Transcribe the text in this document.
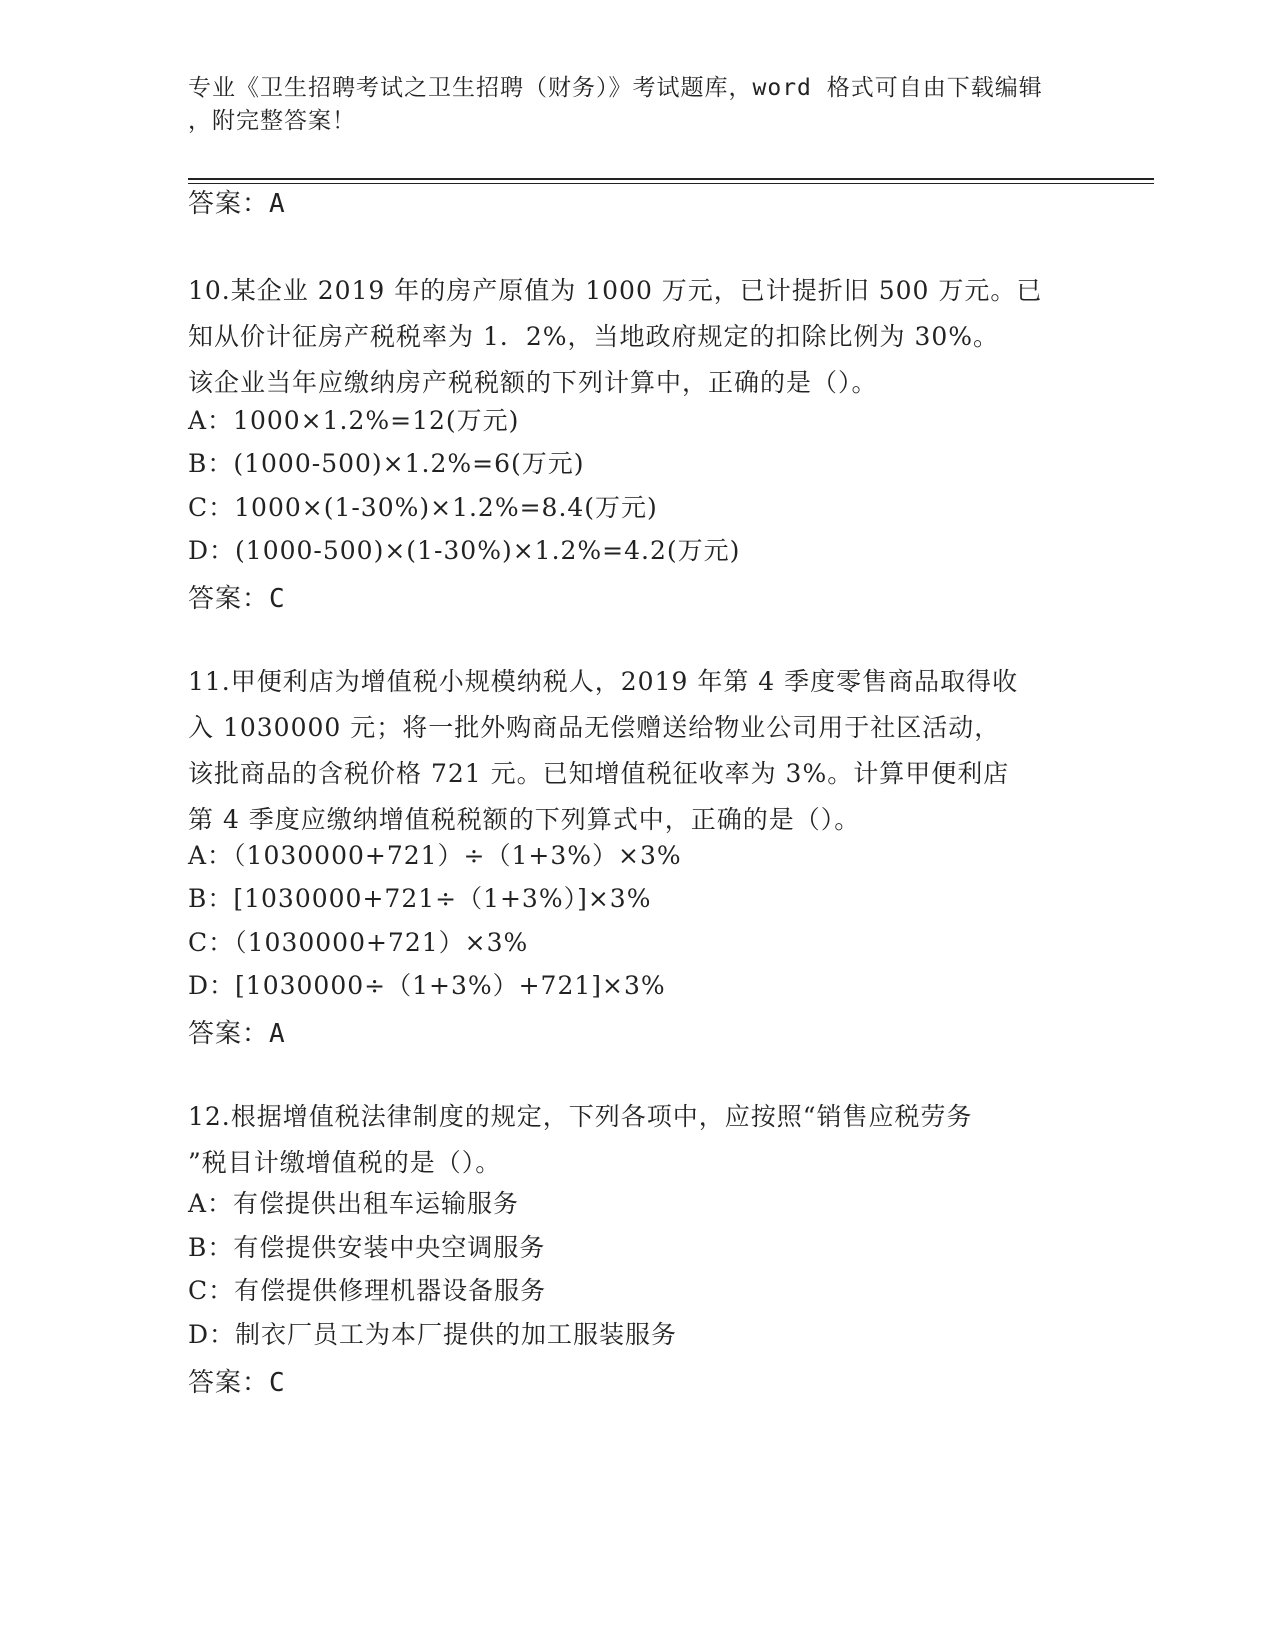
专业《卫生招聘考试之卫生招聘（财务）》考试题库，word 格式可自由下载编辑
，附完整答案！
答案：A

10.某企业 2019 年的房产原值为 1000 万元，已计提折旧 500 万元。已

知从价计征房产税税率为 1．2%，当地政府规定的扣除比例为 30%。

该企业当年应缴纳房产税税额的下列计算中，正确的是（）。

A：1000×1.2%=12(万元)
B：(1000-500)×1.2%=6(万元)
C：1000×(1-30%)×1.2%=8.4(万元)
D：(1000-500)×(1-30%)×1.2%=4.2(万元)
答案：C

11.甲便利店为增值税小规模纳税人，2019 年第 4 季度零售商品取得收

入 1030000 元；将一批外购商品无偿赠送给物业公司用于社区活动，

该批商品的含税价格 721 元。已知增值税征收率为 3%。计算甲便利店

第 4 季度应缴纳增值税税额的下列算式中，正确的是（）。

A：（1030000+721）÷（1+3%）×3%
B：[1030000+721÷（1+3%）]×3%
C：（1030000+721）×3%
D：[1030000÷（1+3%）+721]×3%
答案：A

12.根据增值税法律制度的规定，下列各项中，应按照“销售应税劳务

”税目计缴增值税的是（）。

A：有偿提供出租车运输服务
B：有偿提供安装中央空调服务
C：有偿提供修理机器设备服务
D：制衣厂员工为本厂提供的加工服装服务
答案：C
